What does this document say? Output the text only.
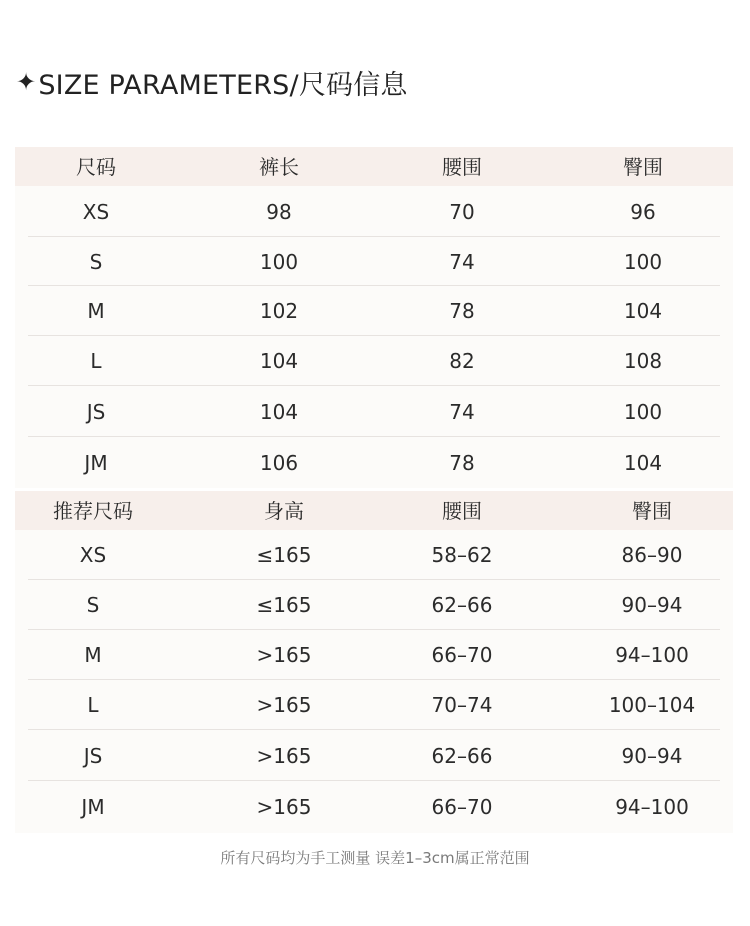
✦ SIZE PARAMETERS/尺码信息
尺码	裤长	腰围	臀围
XS	98	70	96
S	100	74	100
M	102	78	104
L	104	82	108
JS	104	74	100
JM	106	78	104
推荐尺码	身高	腰围	臀围
XS	≤165	58–62	86–90
S	≤165	62–66	90–94
M	>165	66–70	94–100
L	>165	70–74	100–104
JS	>165	62–66	90–94
JM	>165	66–70	94–100
所有尺码均为手工测量 误差1–3cm属正常范围
